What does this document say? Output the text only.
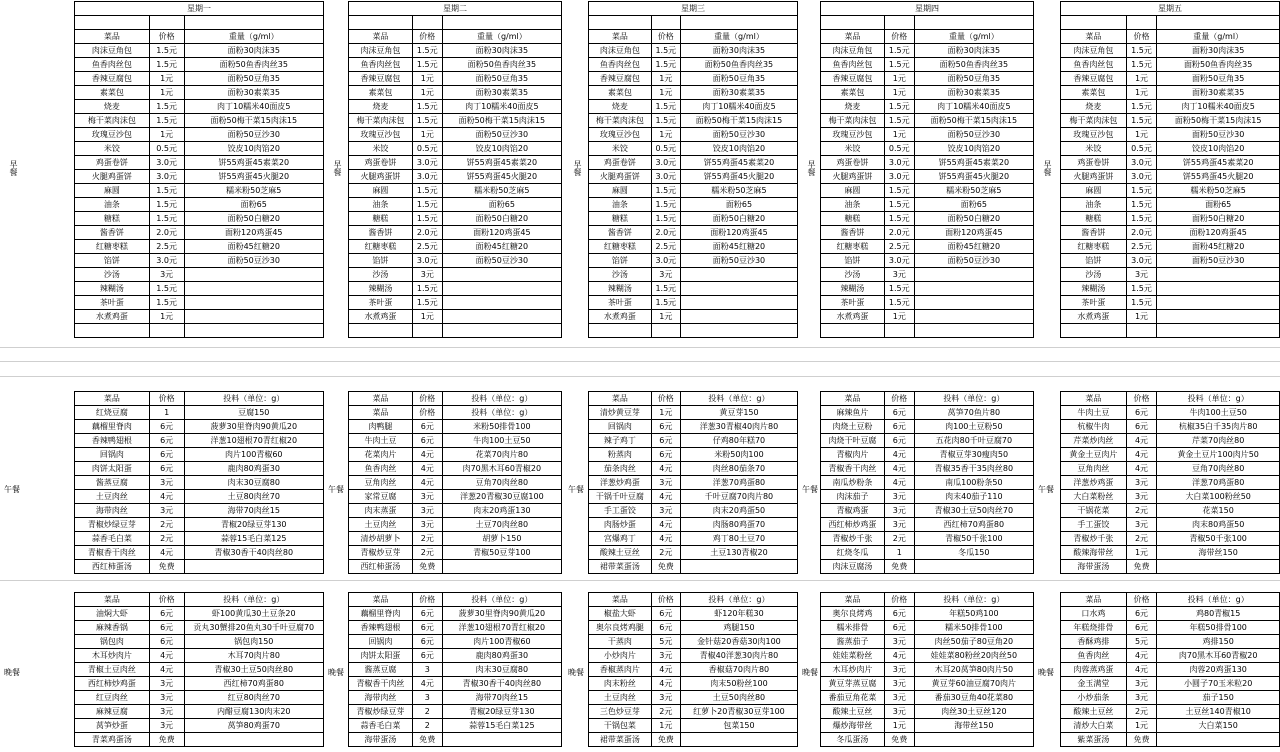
早餐
星期一		

菜品	价格	重量（g/ml）
肉沫豆角包	1.5元	面粉30肉沫35
鱼香肉丝包	1.5元	面粉50鱼香肉丝35
香辣豆腐包	1元	面粉50豆角35
素菜包	1元	面粉30素菜35
烧麦	1.5元	肉丁10糯米40面皮5
梅干菜肉沫包	1.5元	面粉50梅干菜15肉沫15
玫瑰豆沙包	1元	面粉50豆沙30
米饺	0.5元	饺皮10肉馅20
鸡蛋卷饼	3.0元	饼55鸡蛋45素菜20
火腿鸡蛋饼	3.0元	饼55鸡蛋45火腿20
麻圆	1.5元	糯米粉50芝麻5
油条	1.5元	面粉65
糖糕	1.5元	面粉50白糖20
酱香饼	2.0元	面粉120鸡蛋45
红糖枣糕	2.5元	面粉45红糖20
馅饼	3.0元	面粉50豆沙30
沙汤	3元	
辣糊汤	1.5元	
茶叶蛋	1.5元	
水煮鸡蛋	1元	

早餐
星期二		

菜品	价格	重量（g/ml）
肉沫豆角包	1.5元	面粉30肉沫35
鱼香肉丝包	1.5元	面粉50鱼香肉丝35
香辣豆腐包	1元	面粉50豆角35
素菜包	1元	面粉30素菜35
烧麦	1.5元	肉丁10糯米40面皮5
梅干菜肉沫包	1.5元	面粉50梅干菜15肉沫15
玫瑰豆沙包	1元	面粉50豆沙30
米饺	0.5元	饺皮10肉馅20
鸡蛋卷饼	3.0元	饼55鸡蛋45素菜20
火腿鸡蛋饼	3.0元	饼55鸡蛋45火腿20
麻圆	1.5元	糯米粉50芝麻5
油条	1.5元	面粉65
糖糕	1.5元	面粉50白糖20
酱香饼	2.0元	面粉120鸡蛋45
红糖枣糕	2.5元	面粉45红糖20
馅饼	3.0元	面粉50豆沙30
沙汤	3元	
辣糊汤	1.5元	
茶叶蛋	1.5元	
水煮鸡蛋	1元	

早餐
星期三		

菜品	价格	重量（g/ml）
肉沫豆角包	1.5元	面粉30肉沫35
鱼香肉丝包	1.5元	面粉50鱼香肉丝35
香辣豆腐包	1元	面粉50豆角35
素菜包	1元	面粉30素菜35
烧麦	1.5元	肉丁10糯米40面皮5
梅干菜肉沫包	1.5元	面粉50梅干菜15肉沫15
玫瑰豆沙包	1元	面粉50豆沙30
米饺	0.5元	饺皮10肉馅20
鸡蛋卷饼	3.0元	饼55鸡蛋45素菜20
火腿鸡蛋饼	3.0元	饼55鸡蛋45火腿20
麻圆	1.5元	糯米粉50芝麻5
油条	1.5元	面粉65
糖糕	1.5元	面粉50白糖20
酱香饼	2.0元	面粉120鸡蛋45
红糖枣糕	2.5元	面粉45红糖20
馅饼	3.0元	面粉50豆沙30
沙汤	3元	
辣糊汤	1.5元	
茶叶蛋	1.5元	
水煮鸡蛋	1元	

早餐
星期四		

菜品	价格	重量（g/ml）
肉沫豆角包	1.5元	面粉30肉沫35
鱼香肉丝包	1.5元	面粉50鱼香肉丝35
香辣豆腐包	1元	面粉50豆角35
素菜包	1元	面粉30素菜35
烧麦	1.5元	肉丁10糯米40面皮5
梅干菜肉沫包	1.5元	面粉50梅干菜15肉沫15
玫瑰豆沙包	1元	面粉50豆沙30
米饺	0.5元	饺皮10肉馅20
鸡蛋卷饼	3.0元	饼55鸡蛋45素菜20
火腿鸡蛋饼	3.0元	饼55鸡蛋45火腿20
麻圆	1.5元	糯米粉50芝麻5
油条	1.5元	面粉65
糖糕	1.5元	面粉50白糖20
酱香饼	2.0元	面粉120鸡蛋45
红糖枣糕	2.5元	面粉45红糖20
馅饼	3.0元	面粉50豆沙30
沙汤	3元	
辣糊汤	1.5元	
茶叶蛋	1.5元	
水煮鸡蛋	1元	

早餐
星期五		

菜品	价格	重量（g/ml）
肉沫豆角包	1.5元	面粉30肉沫35
鱼香肉丝包	1.5元	面粉50鱼香肉丝35
香辣豆腐包	1元	面粉50豆角35
素菜包	1元	面粉30素菜35
烧麦	1.5元	肉丁10糯米40面皮5
梅干菜肉沫包	1.5元	面粉50梅干菜15肉沫15
玫瑰豆沙包	1元	面粉50豆沙30
米饺	0.5元	饺皮10肉馅20
鸡蛋卷饼	3.0元	饼55鸡蛋45素菜20
火腿鸡蛋饼	3.0元	饼55鸡蛋45火腿20
麻圆	1.5元	糯米粉50芝麻5
油条	1.5元	面粉65
糖糕	1.5元	面粉50白糖20
酱香饼	2.0元	面粉120鸡蛋45
红糖枣糕	2.5元	面粉45红糖20
馅饼	3.0元	面粉50豆沙30
沙汤	3元	
辣糊汤	1.5元	
茶叶蛋	1.5元	
水煮鸡蛋	1元	

午餐
菜品	价格	投料（单位：g）
红烧豆腐	1	豆腐150
藕榴里脊肉	6元	菠萝30里脊肉90黄瓜20
香辣鸭翅根	6元	洋葱10翅根70青红椒20
回锅肉	6元	肉片100青椒60
肉饼太阳蛋	6元	鹿肉80鸡蛋30
酱蒸豆腐	3元	肉末30豆腐80
土豆肉丝	4元	土豆80肉丝70
海带肉丝	3元	海带70肉丝15
青椒炒绿豆芽	2元	青椒20绿豆芽130
蒜香毛白菜	2元	蒜蓉15毛白菜125
青椒香干肉丝	4元	青椒30香干40肉丝80
西红柿蛋汤	免费	
午餐
菜品	价格	投料（单位：g）
菜品	价格	投料（单位：g）
肉鸭腿	6元	米粉50排骨100
牛肉土豆	6元	牛肉100土豆50
花菜肉片	4元	花菜70肉片80
鱼香肉丝	4元	肉70黑木耳60青椒20
豆角肉丝	4元	豆角70肉丝80
家常豆腐	3元	洋葱20青椒30豆腐100
肉末蒸蛋	3元	肉末20鸡蛋130
土豆肉丝	3元	土豆70肉丝80
清炒胡萝卜	2元	胡萝卜150
青椒炒豆芽	2元	青椒50豆芽100
西红柿蛋汤	免费	
午餐
菜品	价格	投料（单位：g）
清炒黄豆芽	1元	黄豆芽150
回锅肉	6元	洋葱30青椒40肉片80
辣子鸡丁	6元	仔鸡80年糕70
粉蒸肉	6元	米粉50肉100
茄条肉丝	4元	肉丝80茄条70
洋葱炒鸡蛋	3元	洋葱70鸡蛋80
干锅千叶豆腐	4元	千叶豆腐70肉片80
手工蛋饺	3元	肉末20鸡蛋50
肉肠炒蛋	4元	肉肠80鸡蛋70
宫爆鸡丁	4元	鸡丁80土豆70
酸辣土豆丝	2元	土豆130青椒20
裙带菜蛋汤	免费	
午餐
菜品	价格	投料（单位：g）
麻辣鱼片	6元	莴笋70鱼片80
肉烧土豆粉	6元	肉100土豆粉50
肉烧干叶豆腐	6元	五花肉80千叶豆腐70
青椒肉片	4元	青椒豆芽30瘦肉50
青椒香干肉丝	4元	青椒35香干35肉丝80
南瓜炒粉条	4元	南瓜100粉条50
肉沫茄子	3元	肉末40茄子110
青椒鸡蛋	3元	青椒30土豆50肉丝70
西红柿炒鸡蛋	3元	西红柿70鸡蛋80
青椒炒千张	2元	青椒50千张100
红烧冬瓜	1	冬瓜150
肉沫豆腐汤	免费	
午餐
菜品	价格	投料（单位：g）
牛肉土豆	6元	牛肉100土豆50
杭椒牛肉	6元	杭椒35白千35肉片80
芹菜炒肉丝	4元	芹菜70肉丝80
黄金土豆肉片	4元	黄金土豆片100肉片50
豆角肉丝	4元	豆角70肉丝80
洋葱炒鸡蛋	3元	洋葱70鸡蛋80
大白菜粉丝	3元	大白菜100粉丝50
干锅花菜	2元	花菜150
手工蛋饺	3元	肉末80鸡蛋50
青椒炒千张	2元	青椒50千张100
酸辣海带丝	1元	海带丝150
海带蛋汤	免费	
晚餐
菜品	价格	投料（单位：g）
油焖大虾	6元	虾100黄瓜30土豆条20
麻辣香锅	6元	贡丸30蟹排20鱼丸30千叶豆腐70
锅包肉	6元	锅包肉150
木耳炒肉片	4元	木耳70肉片80
青椒土豆肉丝	4元	青椒30土豆50肉丝80
西红柿炒鸡蛋	3元	西红柿70鸡蛋80
红豆肉丝	3元	红豆80肉丝70
麻辣豆腐	3元	内醋豆腐130肉末20
莴笋炒蛋	3元	莴笋80鸡蛋70
青菜鸡蛋汤	免费	
晚餐
菜品	价格	投料（单位：g）
藕榴里脊肉	6元	菠萝30里脊肉90黄瓜20
香辣鸭翅根	6元	洋葱10翅根70青红椒20
回锅肉	6元	肉片100青椒60
肉饼太阳蛋	6元	鹿肉80鸡蛋30
酱蒸豆腐	3	肉末30豆腐80
青椒香干肉丝	4元	青椒30香干40肉丝80
海带肉丝	3	海带70肉丝15
青椒炒绿豆芽	2	青椒20绿豆芽130
蒜香毛白菜	2	蒜蓉15毛白菜125
海带蛋汤	免费	
晚餐
菜品	价格	投料（单位：g）
椒盐大虾	6元	虾120年糕30
奥尔良烤鸡腿	6元	鸡腿150
干蒸肉	5元	金针菇20香菇30肉100
小炒肉片	3元	青椒40洋葱30肉片80
香椒蒸肉片	4元	香椒菇70肉片80
肉末粉丝	4元	肉末50粉丝100
土豆肉丝	3元	土豆50肉丝80
三色炒豆芽	2元	红萝卜20青椒30豆芽100
干锅包菜	1元	包菜150
裙带菜蛋汤	免费	
晚餐
菜品	价格	投料（单位：g）
奥尔良烤鸡	6元	年糕50鸡100
糯米排骨	6元	糯米50排骨100
酱蒸茄子	3元	肉丝50茄子80豆角20
娃娃菜粉丝	4元	娃娃菜80粉丝20肉丝50
木耳炒肉片	3元	木耳20莴笋80肉片50
黄豆芽蒸豆腐	3元	黄豆芽60油豆腐70肉片
番茄豆角花菜	3元	番茄30豆角40花菜80
酸辣土豆丝	3元	肉丝30土豆丝120
爆炒海带丝	1元	海带丝150
冬瓜蛋汤	免费	
晚餐
菜品	价格	投料（单位：g）
口水鸡	6元	鸡80青椒15
年糕烧排骨	6元	年糕50排骨100
香酥鸡排	5元	鸡排150
鱼香肉丝	4元	肉70黑木耳60青椒20
肉蓉蒸鸡蛋	4元	肉蓉20鸡蛋130
金玉满堂	3元	小圆子70玉米粒20
小炒茄条	3元	茄子150
酸辣土豆丝	2元	土豆丝140青椒10
清炒大白菜	1元	大白菜150
紫菜蛋汤	免费	
